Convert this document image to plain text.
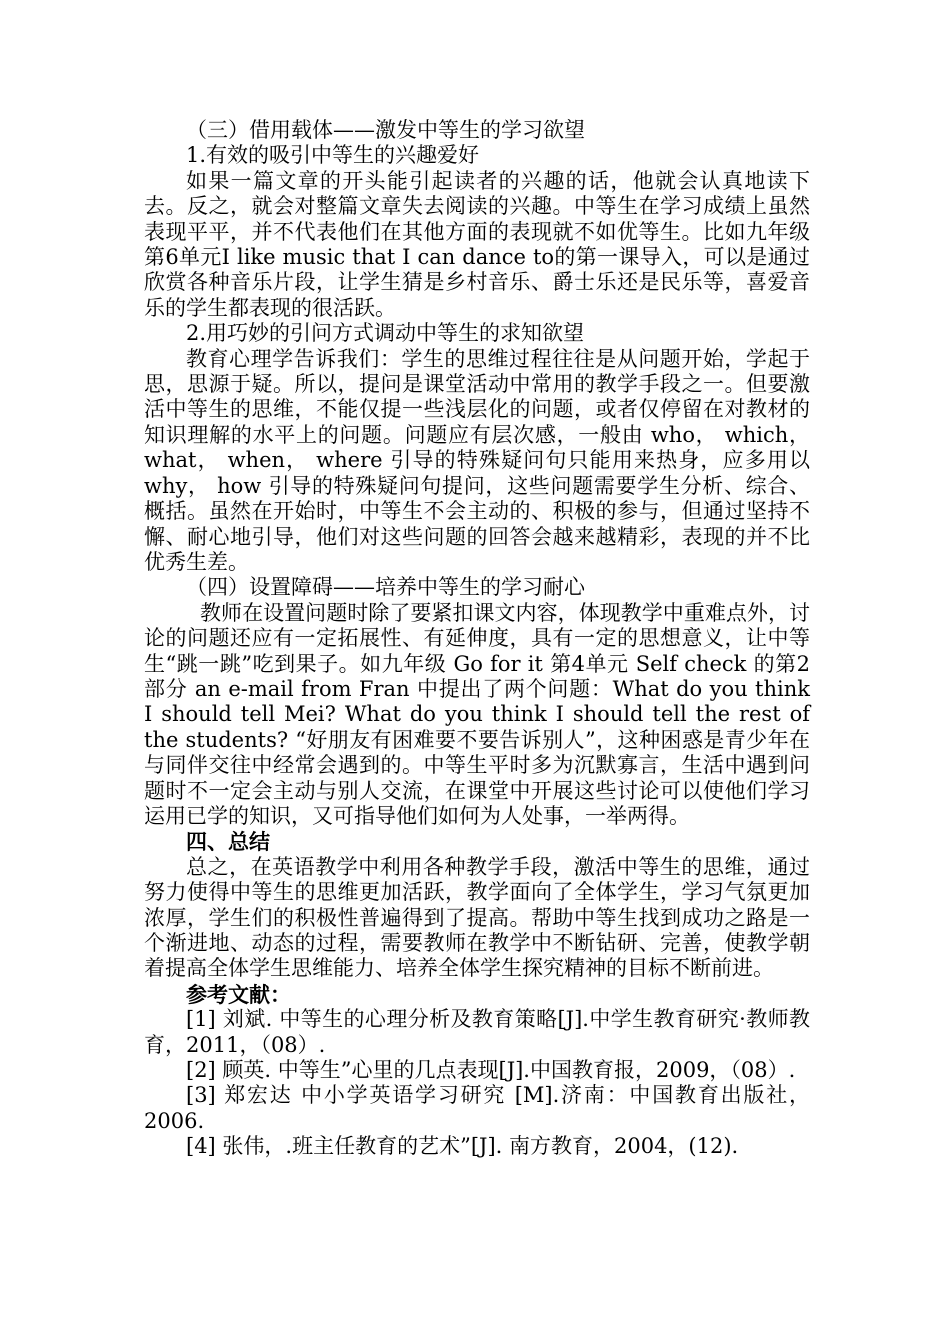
（三）借用载体——激发中等生的学习欲望

1.有效的吸引中等生的兴趣爱好

如果一篇文章的开头能引起读者的兴趣的话，他就会认真地读下去。反之，就会对整篇文章失去阅读的兴趣。中等生在学习成绩上虽然表现平平，并不代表他们在其他方面的表现就不如优等生。比如九年级第6单元I like music that I can dance to的第一课导入，可以是通过欣赏各种音乐片段，让学生猜是乡村音乐、爵士乐还是民乐等，喜爱音乐的学生都表现的很活跃。

2.用巧妙的引问方式调动中等生的求知欲望

教育心理学告诉我们：学生的思维过程往往是从问题开始，学起于思，思源于疑。所以，提问是课堂活动中常用的教学手段之一。但要激活中等生的思维，不能仅提一些浅层化的问题，或者仅停留在对教材的知识理解的水平上的问题。问题应有层次感，一般由 who， which， what， when， where 引导的特殊疑问句只能用来热身，应多用以 why， how 引导的特殊疑问句提问，这些问题需要学生分析、综合、概括。虽然在开始时，中等生不会主动的、积极的参与，但通过坚持不懈、耐心地引导，他们对这些问题的回答会越来越精彩，表现的并不比优秀生差。

（四）设置障碍——培养中等生的学习耐心

教师在设置问题时除了要紧扣课文内容，体现教学中重难点外，讨论的问题还应有一定拓展性、有延伸度，具有一定的思想意义，让中等生“跳一跳”吃到果子。如九年级 Go for it 第4单元 Self check 的第2部分 an e-mail from Fran 中提出了两个问题：What do you think I should tell Mei? What do you think I should tell the rest of the students? “好朋友有困难要不要告诉别人”，这种困惑是青少年在与同伴交往中经常会遇到的。中等生平时多为沉默寡言，生活中遇到问题时不一定会主动与别人交流，在课堂中开展这些讨论可以使他们学习运用已学的知识，又可指导他们如何为人处事，一举两得。

四、总结

总之，在英语教学中利用各种教学手段，激活中等生的思维，通过努力使得中等生的思维更加活跃，教学面向了全体学生，学习气氛更加浓厚，学生们的积极性普遍得到了提高。帮助中等生找到成功之路是一个渐进地、动态的过程，需要教师在教学中不断钻研、完善，使教学朝着提高全体学生思维能力、培养全体学生探究精神的目标不断前进。

参考文献：

[1] 刘斌. 中等生的心理分析及教育策略[J].中学生教育研究·教师教育，2011，（08）.

[2] 顾英. 中等生”心里的几点表现[J].中国教育报，2009，（08）.

[3] 郑宏达 中小学英语学习研究 [M].济南：中国教育出版社，2006.

[4] 张伟，.班主任教育的艺术”[J]. 南方教育，2004，(12).
